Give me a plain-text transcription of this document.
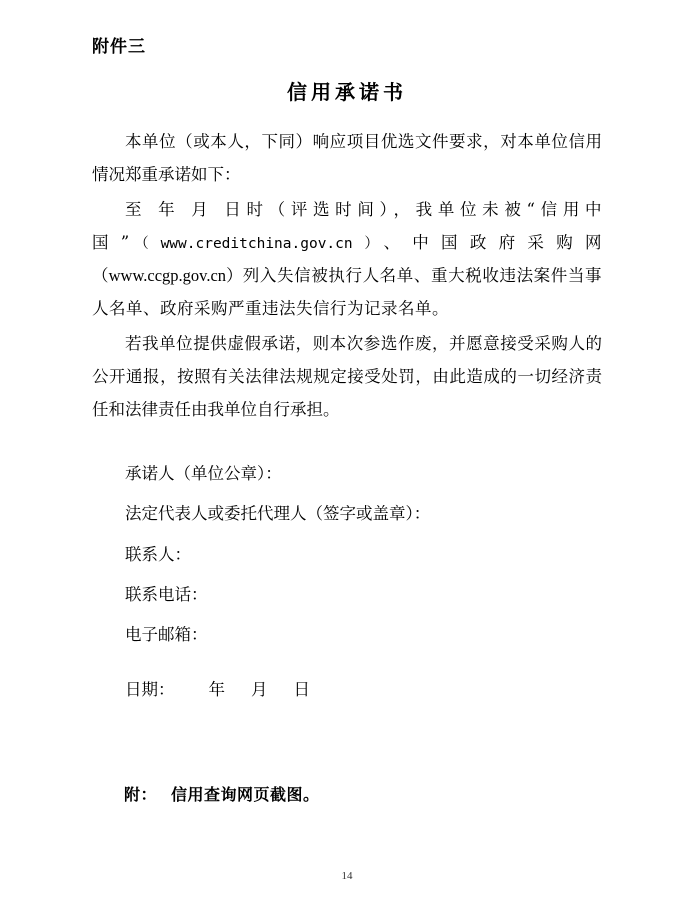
附件三
信用承诺书

本单位（或本人，下同）响应项目优选文件要求，对本单位信用情况郑重承诺如下：

至 年 月 日时（评选时间），我单位未被“信用中国”（www.creditchina.gov.cn）、中国政府采购网（www.ccgp.gov.cn）列入失信被执行人名单、重大税收违法案件当事人名单、政府采购严重违法失信行为记录名单。

若我单位提供虚假承诺，则本次参选作废，并愿意接受采购人的公开通报，按照有关法律法规规定接受处罚，由此造成的一切经济责任和法律责任由我单位自行承担。

承诺人（单位公章）：
法定代表人或委托代理人（签字或盖章）：
联系人：
联系电话：
电子邮箱：
日期： 年 月 日
附： 信用查询网页截图。
14
